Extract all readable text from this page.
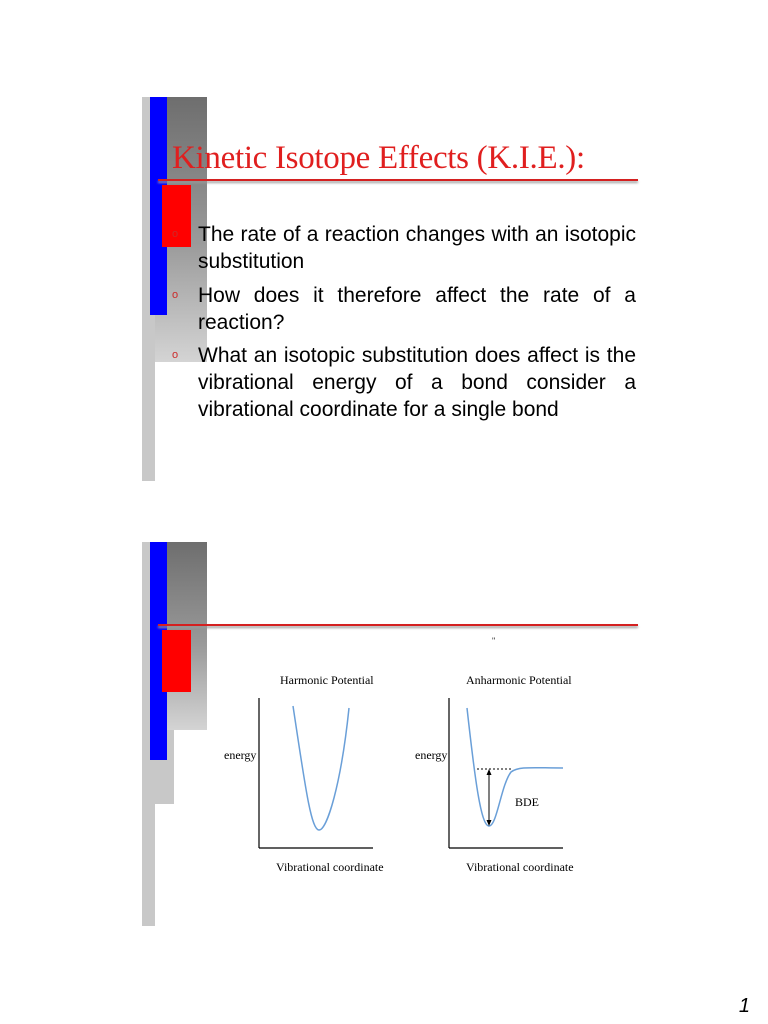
Kinetic Isotope Effects (K.I.E.):
o The rate of a reaction changes with an isotopic substitution
o How does it therefore affect the rate of a reaction?
o What an isotopic substitution does affect is the vibrational energy of a bond consider a vibrational coordinate for a single bond
"
Harmonic Potential
energy
Vibrational coordinate
Anharmonic Potential
energy
Vibrational coordinate
BDE
1
